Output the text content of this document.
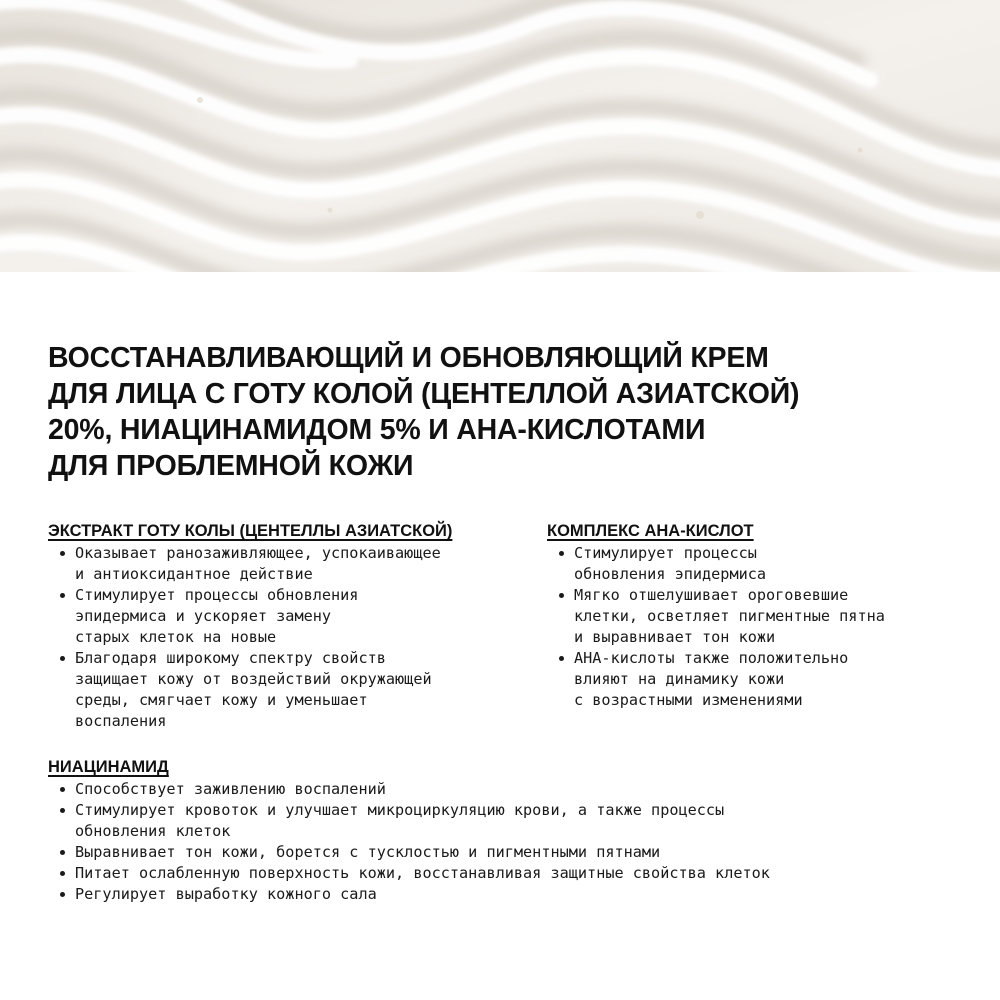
ВОССТАНАВЛИВАЮЩИЙ И ОБНОВЛЯЮЩИЙ КРЕМ
ДЛЯ ЛИЦА С ГОТУ КОЛОЙ (ЦЕНТЕЛЛОЙ АЗИАТСКОЙ)
20%, НИАЦИНАМИДОМ 5% И АНА-КИСЛОТАМИ
ДЛЯ ПРОБЛЕМНОЙ КОЖИ
ЭКСТРАКТ ГОТУ КОЛЫ (ЦЕНТЕЛЛЫ АЗИАТСКОЙ)
Оказывает ранозаживляющее, успокаивающее
и антиоксидантное действие
Стимулирует процессы обновления
эпидермиса и ускоряет замену
старых клеток на новые
Благодаря широкому спектру свойств
защищает кожу от воздействий окружающей
среды, смягчает кожу и уменьшает
воспаления
КОМПЛЕКС АНА-КИСЛОТ
Стимулирует процессы
обновления эпидермиса
Мягко отшелушивает ороговевшие
клетки, осветляет пигментные пятна
и выравнивает тон кожи
АНА-кислоты также положительно
влияют на динамику кожи
с возрастными изменениями
НИАЦИНАМИД
Способствует заживлению воспалений
Стимулирует кровоток и улучшает микроциркуляцию крови, а также процессы
обновления клеток
Выравнивает тон кожи, борется с тусклостью и пигментными пятнами
Питает ослабленную поверхность кожи, восстанавливая защитные свойства клеток
Регулирует выработку кожного сала
